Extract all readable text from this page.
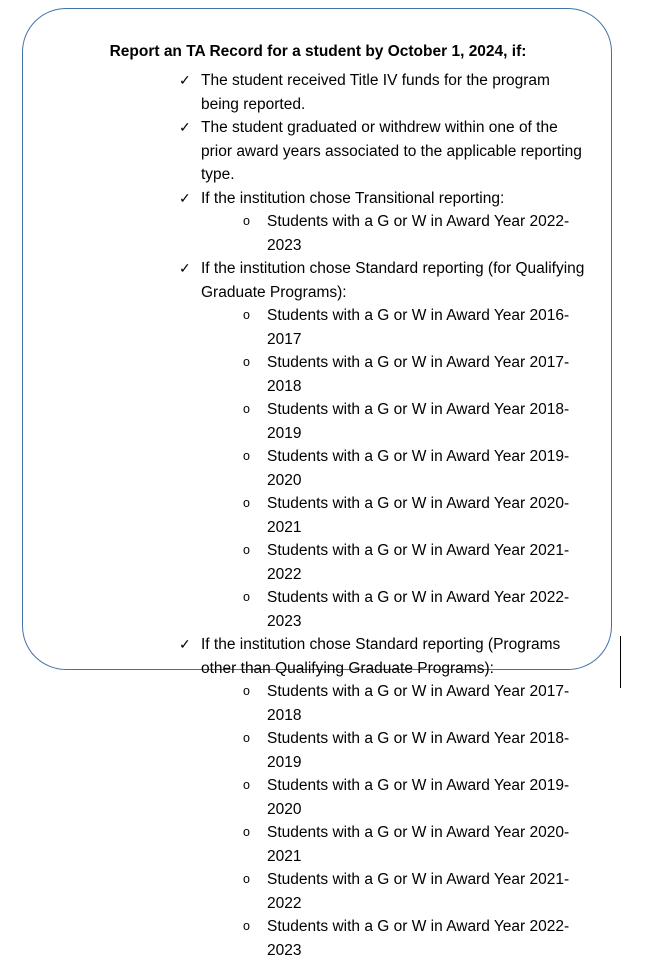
Report an TA Record for a student by October 1, 2024, if:
✓ The student received Title IV funds for the program being reported.
✓ The student graduated or withdrew within one of the prior award years associated to the applicable reporting type.
✓ If the institution chose Transitional reporting:
o Students with a G or W in Award Year 2022-2023
✓ If the institution chose Standard reporting (for Qualifying Graduate Programs):
o Students with a G or W in Award Year 2016-2017
o Students with a G or W in Award Year 2017-2018
o Students with a G or W in Award Year 2018-2019
o Students with a G or W in Award Year 2019-2020
o Students with a G or W in Award Year 2020-2021
o Students with a G or W in Award Year 2021-2022
o Students with a G or W in Award Year 2022-2023
✓ If the institution chose Standard reporting (Programs other than Qualifying Graduate Programs):
o Students with a G or W in Award Year 2017-2018
o Students with a G or W in Award Year 2018-2019
o Students with a G or W in Award Year 2019-2020
o Students with a G or W in Award Year 2020-2021
o Students with a G or W in Award Year 2021-2022
o Students with a G or W in Award Year 2022-2023
